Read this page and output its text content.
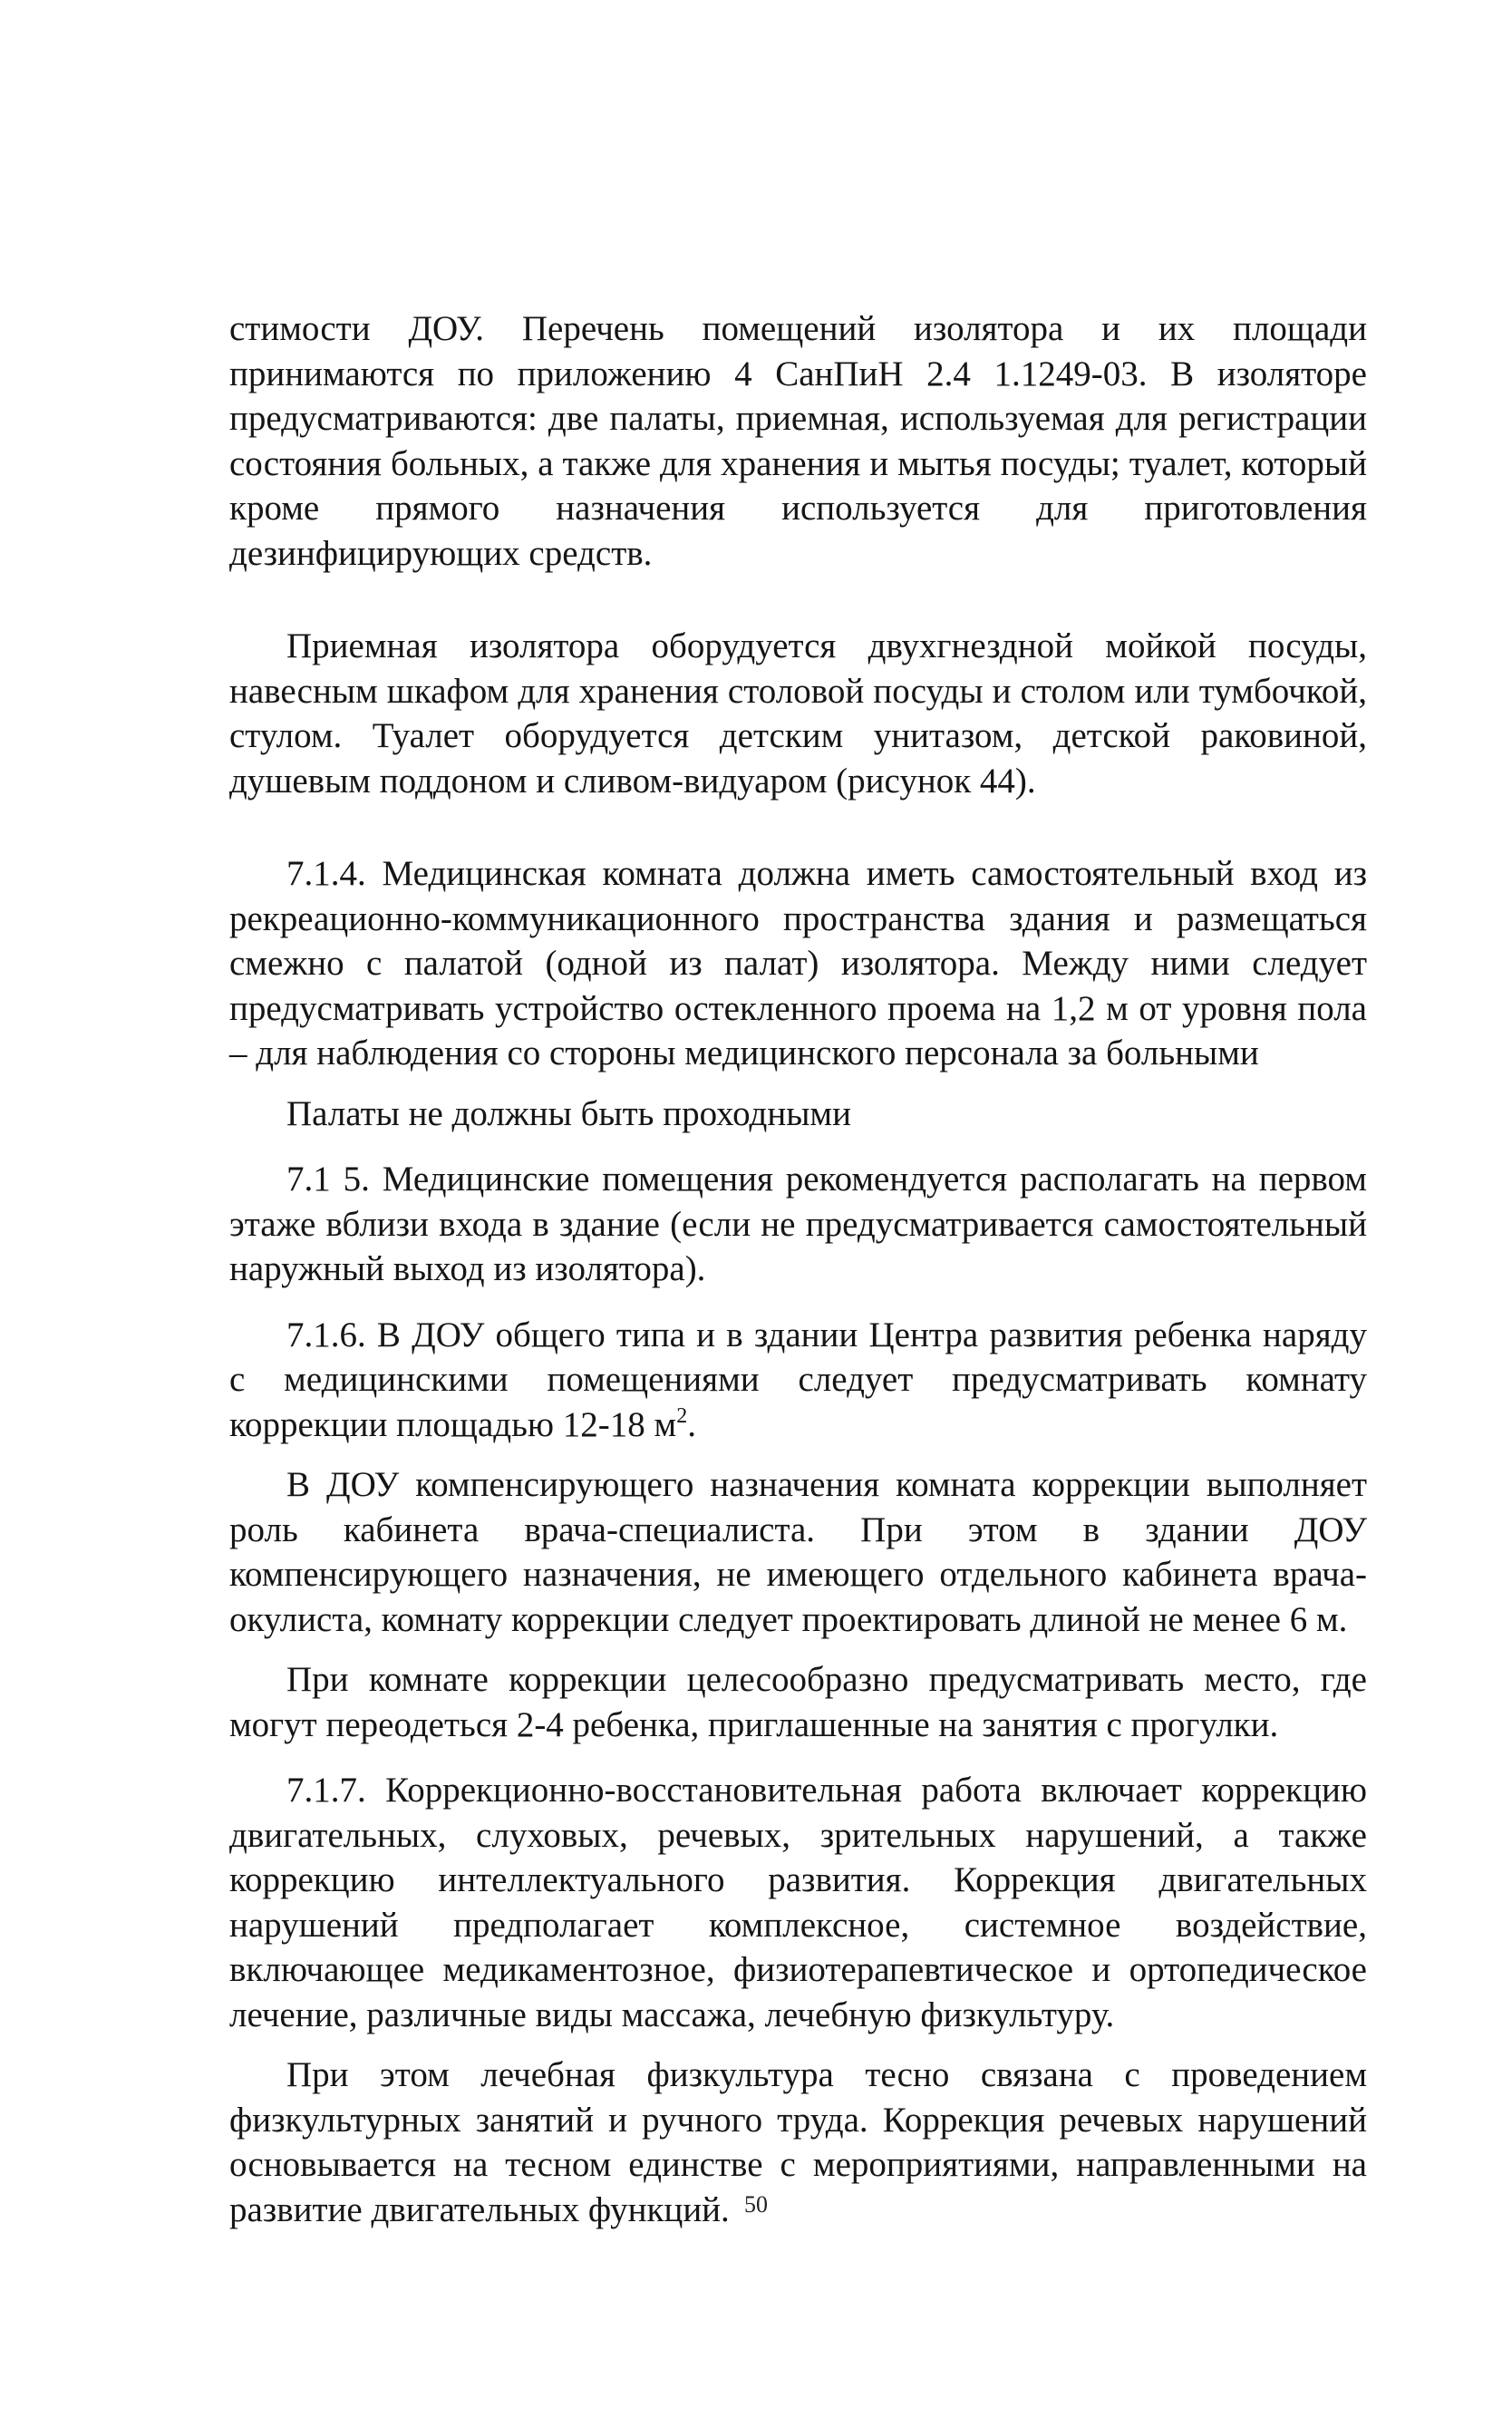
стимости ДОУ. Перечень помещений изолятора и их площади принимаются по приложению 4 СанПиН 2.4 1.1249-03. В изоляторе предусматриваются: две палаты, приемная, используемая для регистрации состояния больных, а также для хранения и мытья посуды; туалет, который кроме прямого назначения используется для приготовления дезинфицирующих средств.

Приемная изолятора оборудуется двухгнездной мойкой посуды, навесным шкафом для хранения столовой посуды и столом или тумбочкой, стулом. Туалет оборудуется детским унитазом, детской раковиной, душевым поддоном и сливом-видуаром (рисунок 44).

7.1.4. Медицинская комната должна иметь самостоятельный вход из рекреационно-коммуникационного пространства здания и размещаться смежно с палатой (одной из палат) изолятора. Между ними следует предусматривать устройство остекленного проема на 1,2 м от уровня пола – для наблюдения со стороны медицинского персонала за больными

Палаты не должны быть проходными

7.1 5. Медицинские помещения рекомендуется располагать на первом этаже вблизи входа в здание (если не предусматривается самостоятельный наружный выход из изолятора).

7.1.6. В ДОУ общего типа и в здании Центра развития ребенка наряду с медицинскими помещениями следует предусматривать комнату коррекции площадью 12-18 $м^2$.

В ДОУ компенсирующего назначения комната коррекции выполняет роль кабинета врача-специалиста. При этом в здании ДОУ компенсирующего назначения, не имеющего отдельного кабинета врача-окулиста, комнату коррекции следует проектировать длиной не менее 6 м.

При комнате коррекции целесообразно предусматривать место, где могут переодеться 2-4 ребенка, приглашенные на занятия с прогулки.

7.1.7. Коррекционно-восстановительная работа включает коррекцию двигательных, слуховых, речевых, зрительных нарушений, а также коррекцию интеллектуального развития. Коррекция двигательных нарушений предполагает комплексное, системное воздействие, включающее медикаментозное, физиотерапевтическое и ортопедическое лечение, различные виды массажа, лечебную физкультуру.

При этом лечебная физкультура тесно связана с проведением физкультурных занятий и ручного труда. Коррекция речевых нарушений основывается на тесном единстве с мероприятиями, направленными на развитие двигательных функций. 50
